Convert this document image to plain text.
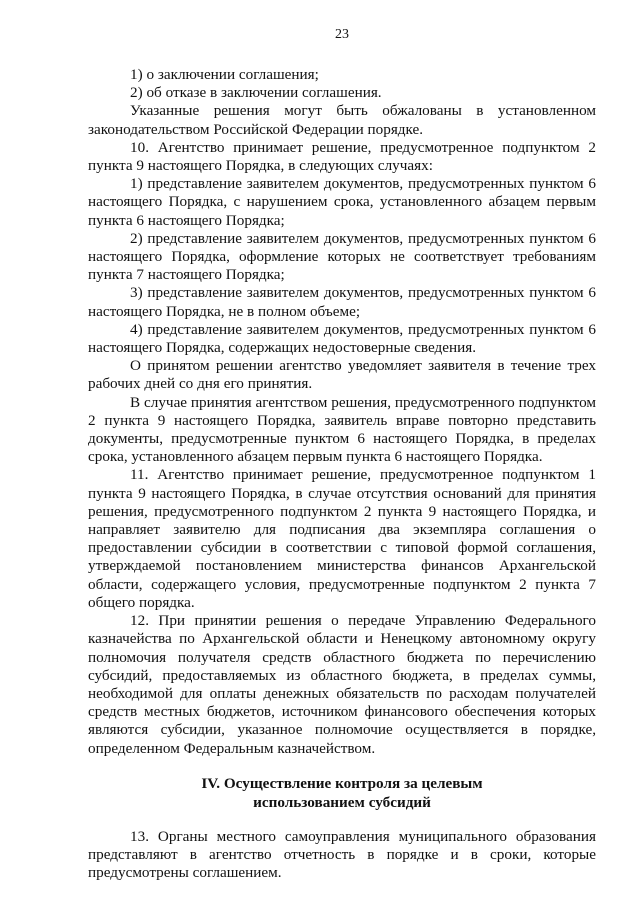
23

1) о заключении соглашения;

2) об отказе в заключении соглашения.

Указанные решения могут быть обжалованы в установленном законодательством Российской Федерации порядке.

10. Агентство принимает решение, предусмотренное подпунктом 2 пункта 9 настоящего Порядка, в следующих случаях:

1) представление заявителем документов, предусмотренных пунктом 6 настоящего Порядка, с нарушением срока, установленного абзацем первым пункта 6 настоящего Порядка;

2) представление заявителем документов, предусмотренных пунктом 6 настоящего Порядка, оформление которых не соответствует требованиям пункта 7 настоящего Порядка;

3) представление заявителем документов, предусмотренных пунктом 6 настоящего Порядка, не в полном объеме;

4) представление заявителем документов, предусмотренных пунктом 6 настоящего Порядка, содержащих недостоверные сведения.

О принятом решении агентство уведомляет заявителя в течение трех рабочих дней со дня его принятия.

В случае принятия агентством решения, предусмотренного подпунктом 2 пункта 9 настоящего Порядка, заявитель вправе повторно представить документы, предусмотренные пунктом 6 настоящего Порядка, в пределах срока, установленного абзацем первым пункта 6 настоящего Порядка.

11. Агентство принимает решение, предусмотренное подпунктом 1 пункта 9 настоящего Порядка, в случае отсутствия оснований для принятия решения, предусмотренного подпунктом 2 пункта 9 настоящего Порядка, и направляет заявителю для подписания два экземпляра соглашения о предоставлении субсидии в соответствии с типовой формой соглашения, утверждаемой постановлением министерства финансов Архангельской области, содержащего условия, предусмотренные подпунктом 2 пункта 7 общего порядка.

12. При принятии решения о передаче Управлению Федерального казначейства по Архангельской области и Ненецкому автономному округу полномочия получателя средств областного бюджета по перечислению субсидий, предоставляемых из областного бюджета, в пределах суммы, необходимой для оплаты денежных обязательств по расходам получателей средств местных бюджетов, источником финансового обеспечения которых являются субсидии, указанное полномочие осуществляется в порядке, определенном Федеральным казначейством.

IV. Осуществление контроля за целевым
использованием субсидий

13. Органы местного самоуправления муниципального образования представляют в агентство отчетность в порядке и в сроки, которые предусмотрены соглашением.
